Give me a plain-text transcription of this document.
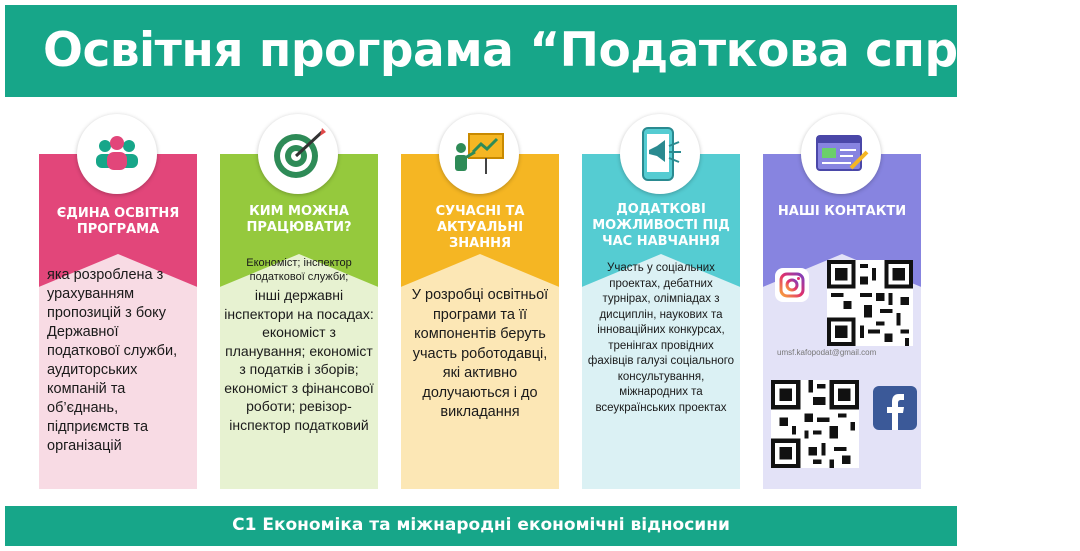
Освітня програма “Податкова справа”
ЄДИНА ОСВІТНЯ ПРОГРАМА
яка розроблена з урахуванням пропозицій з боку Державної податкової служби, аудиторських компаній та об’єднань, підприємств та організацій
КИМ МОЖНА ПРАЦЮВАТИ?
Економіст; інспектор податкової служби;
інші державні інспектори на посадах: економіст з планування; економіст з податків і зборів; економіст з фінансової роботи; ревізор-інспектор податковий
СУЧАСНІ ТА АКТУАЛЬНІ ЗНАННЯ
У розробці освітньої програми та її компонентів беруть участь роботодавці, які активно долучаються і до викладання
ДОДАТКОВІ МОЖЛИВОСТІ ПІД ЧАС НАВЧАННЯ
Участь у соціальних проектах, дебатних турнірах, олімпіадах з дисциплін, наукових та інноваційних конкурсах, тренінгах провідних фахівців галузі соціального консультування, міжнародних та всеукраїнських проектах
НАШІ КОНТАКТИ
umsf.kafopodat@gmail.com
С1 Економіка та міжнародні економічні відносини
